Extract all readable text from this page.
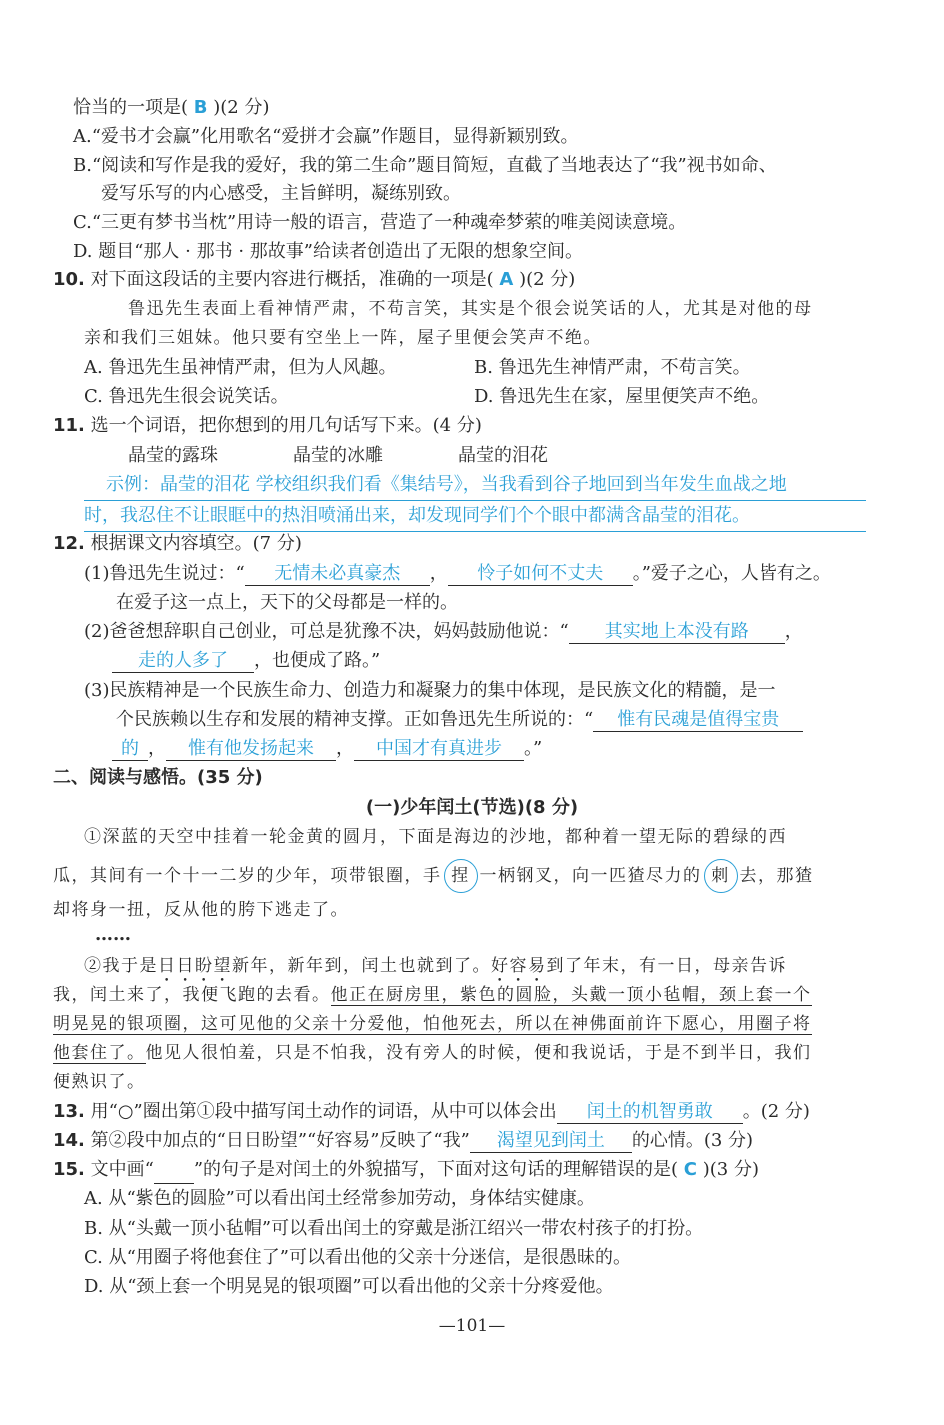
恰当的一项是( B )(2 分)
A.“爱书才会赢”化用歌名“爱拼才会赢”作题目，显得新颖别致。
B.“阅读和写作是我的爱好，我的第二生命”题目简短，直截了当地表达了“我”视书如命、
爱写乐写的内心感受，主旨鲜明，凝练别致。
C.“三更有梦书当枕”用诗一般的语言，营造了一种魂牵梦萦的唯美阅读意境。
D. 题目“那人 · 那书 · 那故事”给读者创造出了无限的想象空间。
10. 对下面这段话的主要内容进行概括，准确的一项是( A )(2 分)
鲁迅先生表面上看神情严肃，不苟言笑，其实是个很会说笑话的人，尤其是对他的母
亲和我们三姐妹。他只要有空坐上一阵，屋子里便会笑声不绝。
A. 鲁迅先生虽神情严肃，但为人风趣。	B. 鲁迅先生神情严肃，不苟言笑。
C. 鲁迅先生很会说笑话。	D. 鲁迅先生在家，屋里便笑声不绝。
11. 选一个词语，把你想到的用几句话写下来。(4 分)
晶莹的露珠	晶莹的冰雕	晶莹的泪花
示例：晶莹的泪花 学校组织我们看《集结号》，当我看到谷子地回到当年发生血战之地
时，我忍住不让眼眶中的热泪喷涌出来，却发现同学们个个眼中都满含晶莹的泪花。
12. 根据课文内容填空。(7 分)
(1)鲁迅先生说过：“ 无情未必真豪杰 ， 怜子如何不丈夫 。”爱子之心，人皆有之。
在爱子这一点上，天下的父母都是一样的。
(2)爸爸想辞职自己创业，可总是犹豫不决，妈妈鼓励他说：“ 其实地上本没有路 ，
走的人多了 ，也便成了路。”
(3)民族精神是一个民族生命力、创造力和凝聚力的集中体现，是民族文化的精髓，是一
个民族赖以生存和发展的精神支撑。正如鲁迅先生所说的：“ 惟有民魂是值得宝贵
的 ， 惟有他发扬起来 ， 中国才有真进步 。”
二、阅读与感悟。(35 分)
(一)少年闰土(节选)(8 分)
①深蓝的天空中挂着一轮金黄的圆月，下面是海边的沙地，都种着一望无际的碧绿的西
瓜，其间有一个十一二岁的少年，项带银圈，手 捏 一柄钢叉，向一匹猹尽力的 刺 去，那猹
却将身一扭，反从他的胯下逃走了。
……
②我于是日日盼望新年，新年到，闰土也就到了。好容易到了年末，有一日，母亲告诉
我，闰土来了，我便飞跑的去看。他正在厨房里，紫色的圆脸，头戴一顶小毡帽，颈上套一个
明晃晃的银项圈，这可见他的父亲十分爱他，怕他死去，所以在神佛面前许下愿心，用圈子将
他套住了。他见人很怕羞，只是不怕我，没有旁人的时候，便和我说话，于是不到半日，我们
便熟识了。
13. 用“○”圈出第①段中描写闰土动作的词语，从中可以体会出 闰土的机智勇敢 。(2 分)
14. 第②段中加点的“日日盼望”“好容易”反映了“我” 渴望见到闰土 的心情。(3 分)
15. 文中画“ ”的句子是对闰土的外貌描写，下面对这句话的理解错误的是( C )(3 分)
A. 从“紫色的圆脸”可以看出闰土经常参加劳动，身体结实健康。
B. 从“头戴一顶小毡帽”可以看出闰土的穿戴是浙江绍兴一带农村孩子的打扮。
C. 从“用圈子将他套住了”可以看出他的父亲十分迷信，是很愚昧的。
D. 从“颈上套一个明晃晃的银项圈”可以看出他的父亲十分疼爱他。
—101—
